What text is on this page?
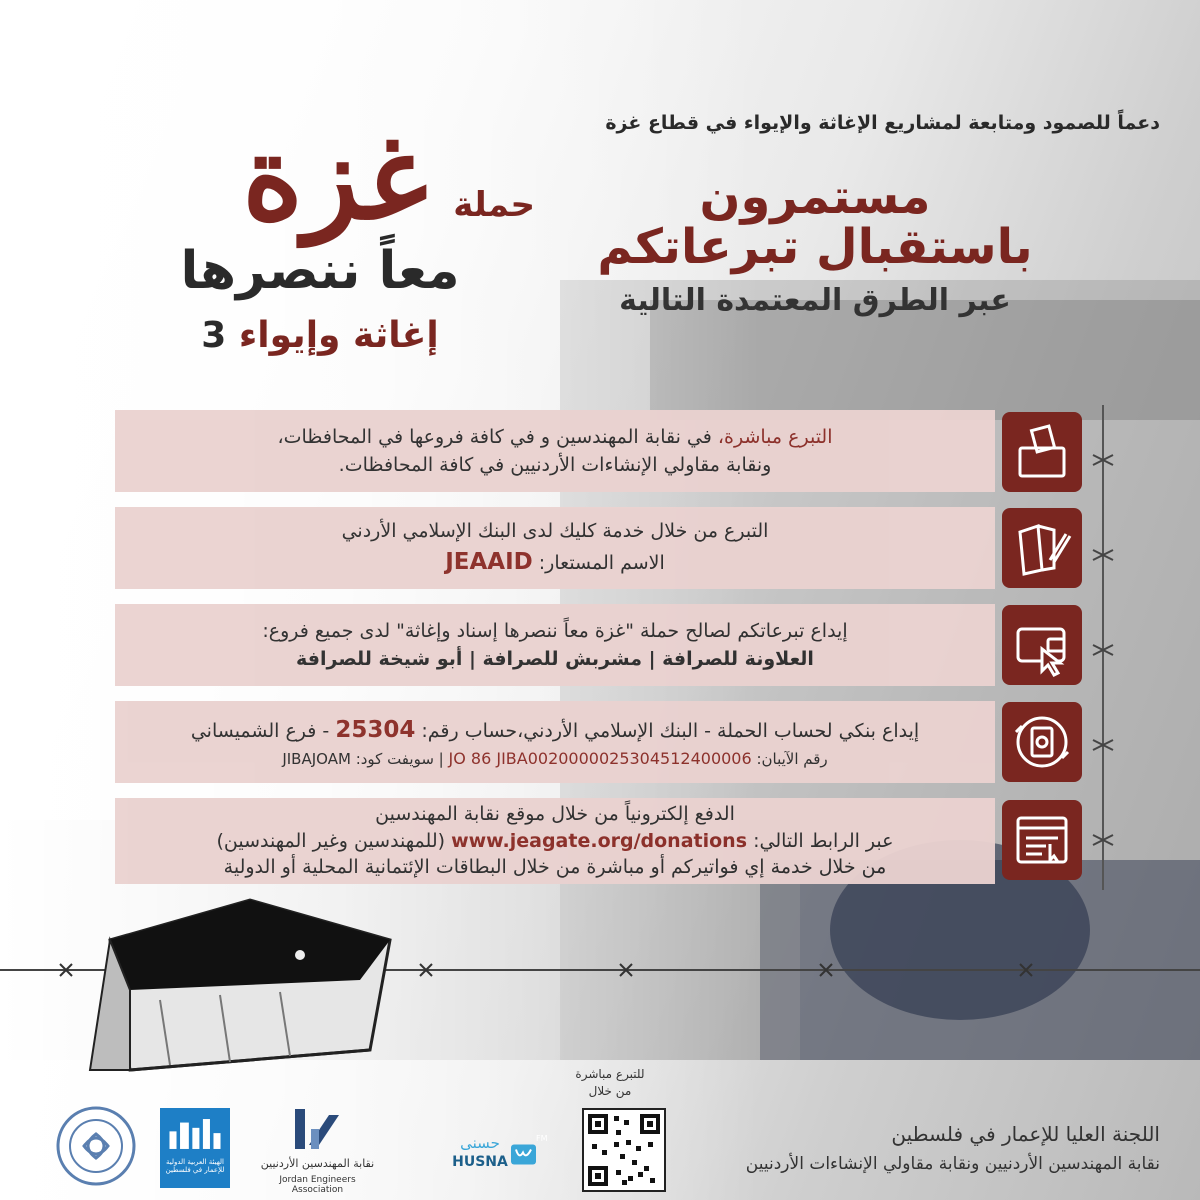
دعماً للصمود ومتابعة لمشاريع الإغاثة والإيواء في قطاع غزة
مستمرون
باستقبال تبرعاتكم
عبر الطرق المعتمدة التالية
غزة حملة
معاً ننصرها
إغاثة وإيواء 3
التبرع مباشرة، في نقابة المهندسين و في كافة فروعها في المحافظات،
ونقابة مقاولي الإنشاءات الأردنيين في كافة المحافظات.
التبرع من خلال خدمة كليك لدى البنك الإسلامي الأردني
الاسم المستعار: JEAAID
إيداع تبرعاتكم لصالح حملة "غزة معاً ننصرها إسناد وإغاثة" لدى جميع فروع:
العلاونة للصرافة | مشربش للصرافة | أبو شيخة للصرافة
إيداع بنكي لحساب الحملة - البنك الإسلامي الأردني،حساب رقم: 25304 - فرع الشميساني
رقم الآيبان: JO 86 JIBA0020000025304512400006 | سويفت كود: JIBAJOAM
الدفع إلكترونياً من خلال موقع نقابة المهندسين
عبر الرابط التالي: www.jeagate.org/donations (للمهندسين وغير المهندسين)
من خلال خدمة إي فواتيركم أو مباشرة من خلال البطاقات الإئتمانية المحلية أو الدولية
اللجنة العليا للإعمار في فلسطين
نقابة المهندسين الأردنيين ونقابة مقاولي الإنشاءات الأردنيين
للتبرع مباشرة
من خلال
حسنى
HUSNA
FM
نقابة المهندسين الأردنيين
Jordan Engineers Association
الهيئة العربية الدولية للإعمار في فلسطين
